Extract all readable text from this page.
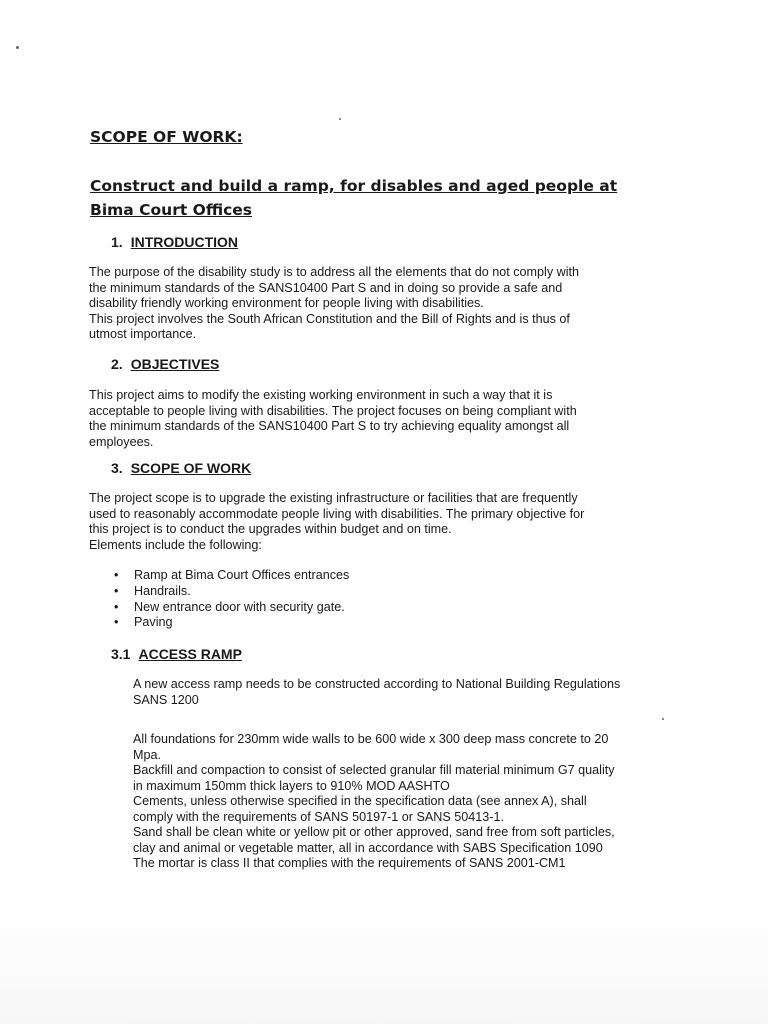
SCOPE OF WORK:
Construct and build a ramp, for disables and aged people at Bima Court Offices
1. INTRODUCTION
The purpose of the disability study is to address all the elements that do not comply with
the minimum standards of the SANS10400 Part S and in doing so provide a safe and
disability friendly working environment for people living with disabilities.
This project involves the South African Constitution and the Bill of Rights and is thus of
utmost importance.
2. OBJECTIVES
This project aims to modify the existing working environment in such a way that it is
acceptable to people living with disabilities. The project focuses on being compliant with
the minimum standards of the SANS10400 Part S to try achieving equality amongst all
employees.
3. SCOPE OF WORK
The project scope is to upgrade the existing infrastructure or facilities that are frequently
used to reasonably accommodate people living with disabilities. The primary objective for
this project is to conduct the upgrades within budget and on time.
Elements include the following:
• Ramp at Bima Court Offices entrances
• Handrails.
• New entrance door with security gate.
• Paving
3.1 ACCESS RAMP
A new access ramp needs to be constructed according to National Building Regulations
SANS 1200
All foundations for 230mm wide walls to be 600 wide x 300 deep mass concrete to 20
Mpa.
Backfill and compaction to consist of selected granular fill material minimum G7 quality
in maximum 150mm thick layers to 910% MOD AASHTO
Cements, unless otherwise specified in the specification data (see annex A), shall
comply with the requirements of SANS 50197-1 or SANS 50413-1.
Sand shall be clean white or yellow pit or other approved, sand free from soft particles,
clay and animal or vegetable matter, all in accordance with SABS Specification 1090
The mortar is class II that complies with the requirements of SANS 2001-CM1
